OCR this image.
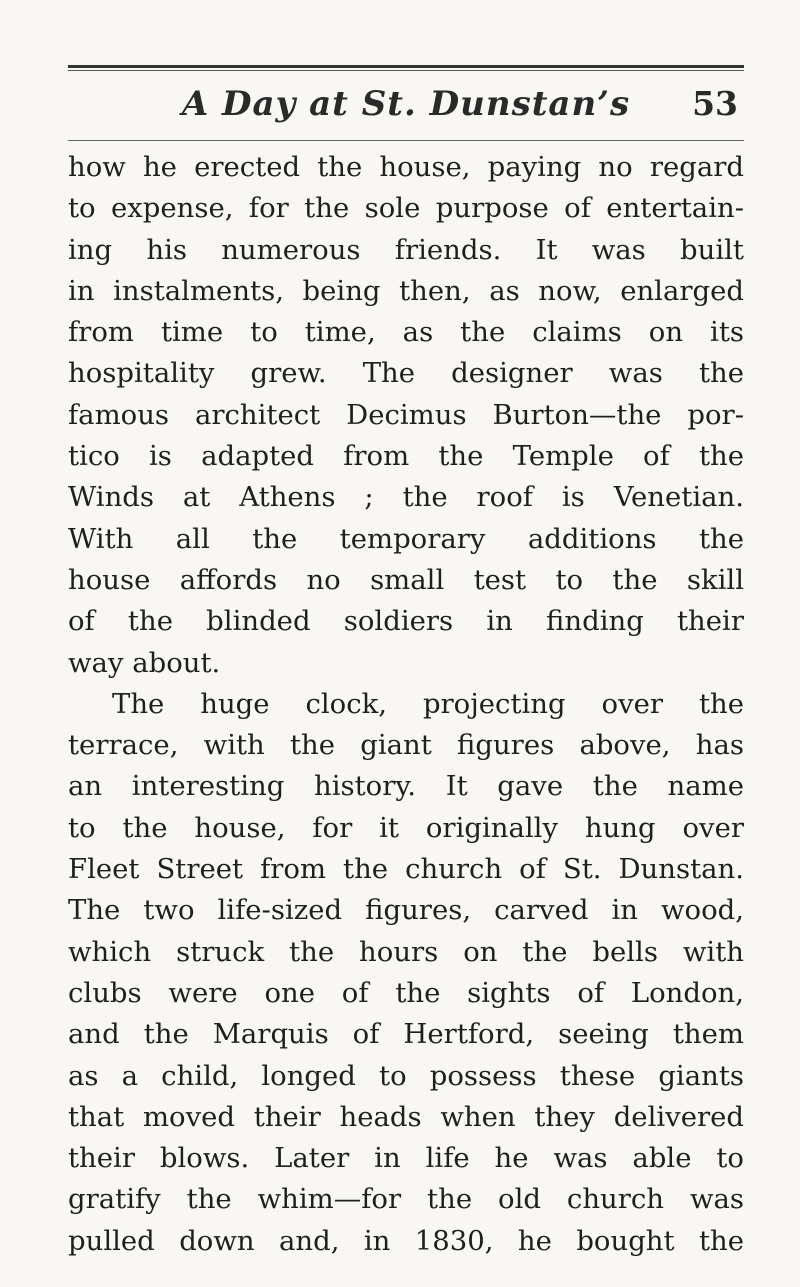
A Day at St. Dunstan’s	53
how he erected the house, paying no regard
to expense, for the sole purpose of entertain-
ing his numerous friends. It was built
in instalments, being then, as now, enlarged
from time to time, as the claims on its
hospitality grew. The designer was the
famous architect Decimus Burton—the por-
tico is adapted from the Temple of the
Winds at Athens ; the roof is Venetian.
With all the temporary additions the
house affords no small test to the skill
of the blinded soldiers in finding their
way about.
The huge clock, projecting over the
terrace, with the giant figures above, has
an interesting history. It gave the name
to the house, for it originally hung over
Fleet Street from the church of St. Dunstan.
The two life-sized figures, carved in wood,
which struck the hours on the bells with
clubs were one of the sights of London,
and the Marquis of Hertford, seeing them
as a child, longed to possess these giants
that moved their heads when they delivered
their blows. Later in life he was able to
gratify the whim—for the old church was
pulled down and, in 1830, he bought the
